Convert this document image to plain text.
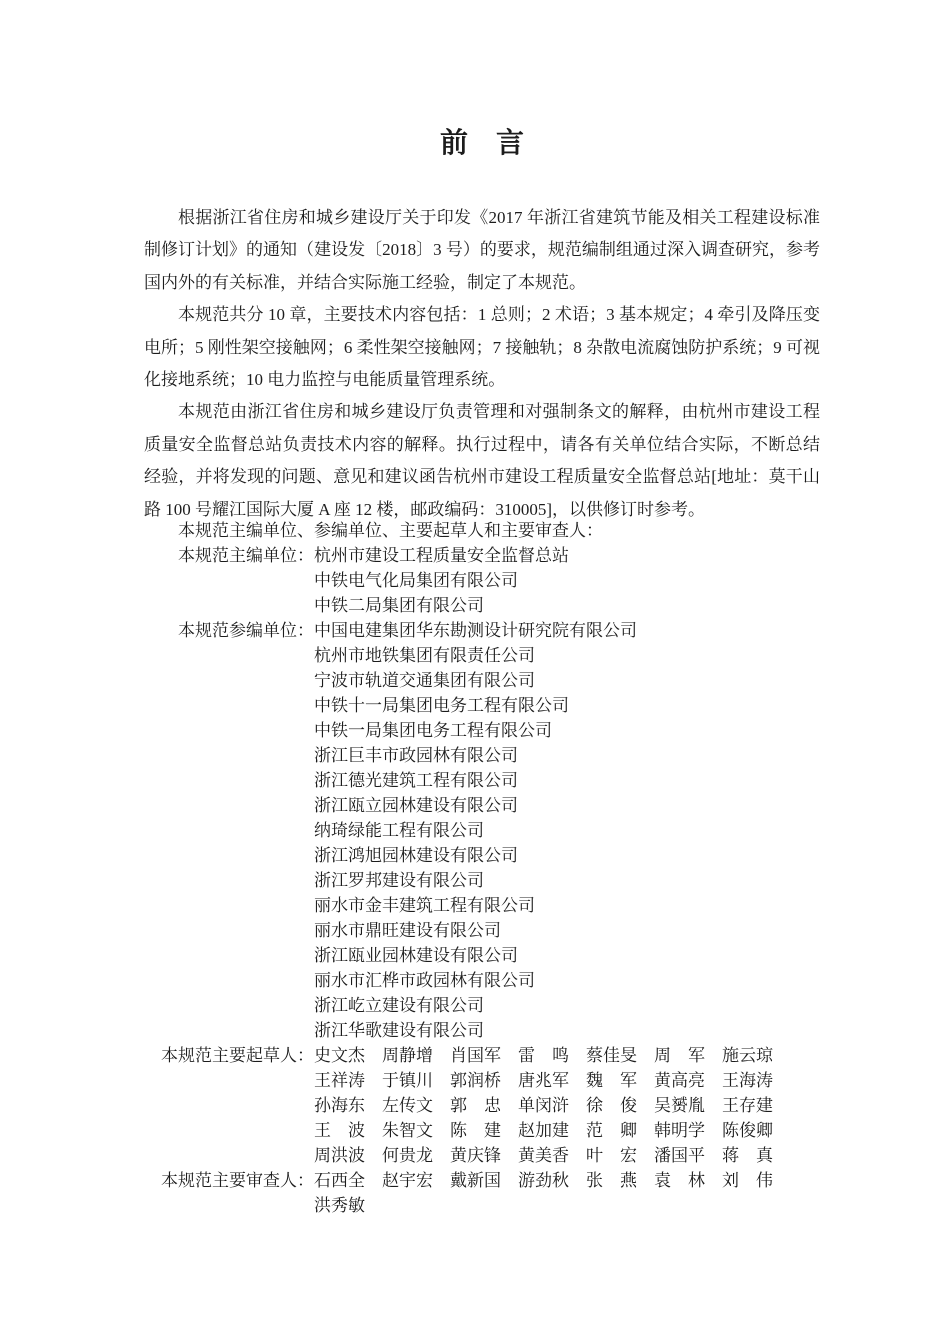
前　言

根据浙江省住房和城乡建设厅关于印发《2017 年浙江省建筑节能及相关工程建设标准制修订计划》的通知（建设发〔2018〕3 号）的要求，规范编制组通过深入调查研究，参考国内外的有关标准，并结合实际施工经验，制定了本规范。

本规范共分 10 章，主要技术内容包括：1 总则；2 术语；3 基本规定；4 牵引及降压变电所；5 刚性架空接触网；6 柔性架空接触网；7 接触轨；8 杂散电流腐蚀防护系统；9 可视化接地系统；10 电力监控与电能质量管理系统。

本规范由浙江省住房和城乡建设厅负责管理和对强制条文的解释，由杭州市建设工程质量安全监督总站负责技术内容的解释。执行过程中，请各有关单位结合实际，不断总结经验，并将发现的问题、意见和建议函告杭州市建设工程质量安全监督总站[地址：莫干山路 100 号耀江国际大厦 A 座 12 楼，邮政编码：310005]，以供修订时参考。

本规范主编单位、参编单位、主要起草人和主要审查人：

本规范主编单位： 杭州市建设工程质量安全监督总站
中铁电气化局集团有限公司
中铁二局集团有限公司
本规范参编单位： 中国电建集团华东勘测设计研究院有限公司
杭州市地铁集团有限责任公司
宁波市轨道交通集团有限公司
中铁十一局集团电务工程有限公司
中铁一局集团电务工程有限公司
浙江巨丰市政园林有限公司
浙江德光建筑工程有限公司
浙江瓯立园林建设有限公司
纳琦绿能工程有限公司
浙江鸿旭园林建设有限公司
浙江罗邦建设有限公司
丽水市金丰建筑工程有限公司
丽水市鼎旺建设有限公司
浙江瓯业园林建设有限公司
丽水市汇桦市政园林有限公司
浙江屹立建设有限公司
浙江华歌建设有限公司
本规范主要起草人： 史文杰　周静增　肖国军　雷　鸣　蔡佳旻　周　军　施云琼
王祥涛　于镇川　郭润桥　唐兆军　魏　军　黄高亮　王海涛
孙海东　左传文　郭　忠　单闵浒　徐　俊　吴赟胤　王存建
王　波　朱智文　陈　建　赵加建　范　卿　韩明学　陈俊卿
周洪波　何贵龙　黄庆锋　黄美香　叶　宏　潘国平　蒋　真
本规范主要审查人： 石西全　赵宇宏　戴新国　游劲秋　张　燕　袁　林　刘　伟
洪秀敏
